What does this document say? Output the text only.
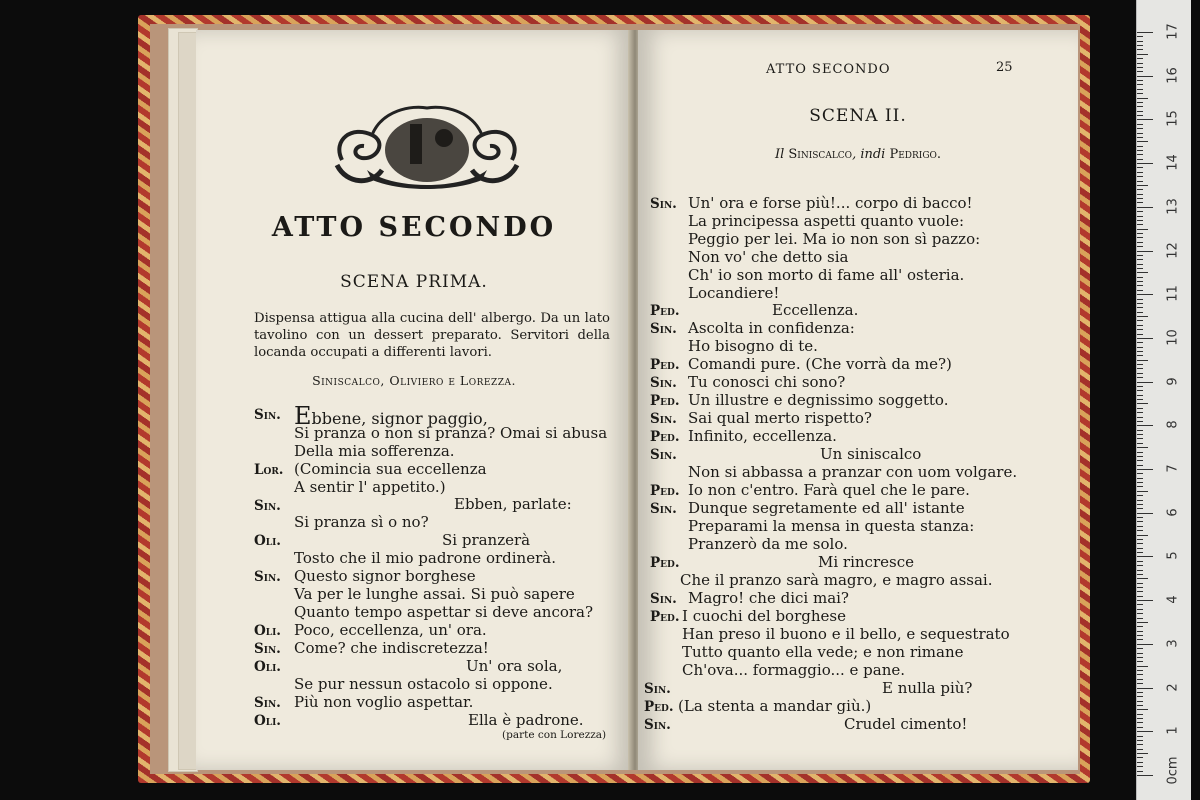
ATTO SECONDO
SCENA PRIMA.
Dispensa attigua alla cucina dell' albergo. Da un lato tavolino con un dessert preparato. Servitori della locanda occupati a differenti lavori.
Siniscalco, Oliviero e Lorezza.
Sin. Ebbene, signor paggio,
Si pranza o non si pranza? Omai si abusa
Della mia sofferenza.
Lor. (Comincia sua eccellenza
A sentir l' appetito.)
Sin.	Ebben, parlate:
Si pranza sì o no?
Oli.	Si pranzerà
Tosto che il mio padrone ordinerà.
Sin. Questo signor borghese
Va per le lunghe assai. Si può sapere
Quanto tempo aspettar si deve ancora?
Oli. Poco, eccellenza, un' ora.
Sin. Come? che indiscretezza!
Oli.	Un' ora sola,
Se pur nessun ostacolo si oppone.
Sin. Più non voglio aspettar.
Oli.	Ella è padrone.
(parte con Lorezza)
ATTO SECONDO	25
SCENA II.
Il Siniscalco, indi Pedrigo.
Sin. Un' ora e forse più!... corpo di bacco!
La principessa aspetti quanto vuole:
Peggio per lei. Ma io non son sì pazzo:
Non vo' che detto sia
Ch' io son morto di fame all' osteria.
Locandiere!
Ped.	Eccellenza.
Sin. Ascolta in confidenza:
Ho bisogno di te.
Ped. Comandi pure. (Che vorrà da me?)
Sin. Tu conosci chi sono?
Ped. Un illustre e degnissimo soggetto.
Sin. Sai qual merto rispetto?
Ped. Infinito, eccellenza.
Sin.	Un siniscalco
Non si abbassa a pranzar con uom volgare.
Ped. Io non c'entro. Farà quel che le pare.
Sin. Dunque segretamente ed all' istante
Preparami la mensa in questa stanza:
Pranzerò da me solo.
Ped.	Mi rincresce
Che il pranzo sarà magro, e magro assai.
Sin. Magro! che dici mai?
Ped. I cuochi del borghese
Han preso il buono e il bello, e sequestrato
Tutto quanto ella vede; e non rimane
Ch'ova... formaggio... e pane.
Sin.	E nulla più?
Ped. (La stenta a mandar giù.)
Sin.	Crudel cimento!
17
16
15
14
13
12
11
10
9
8
7
6
5
4
3
2
1
0cm
